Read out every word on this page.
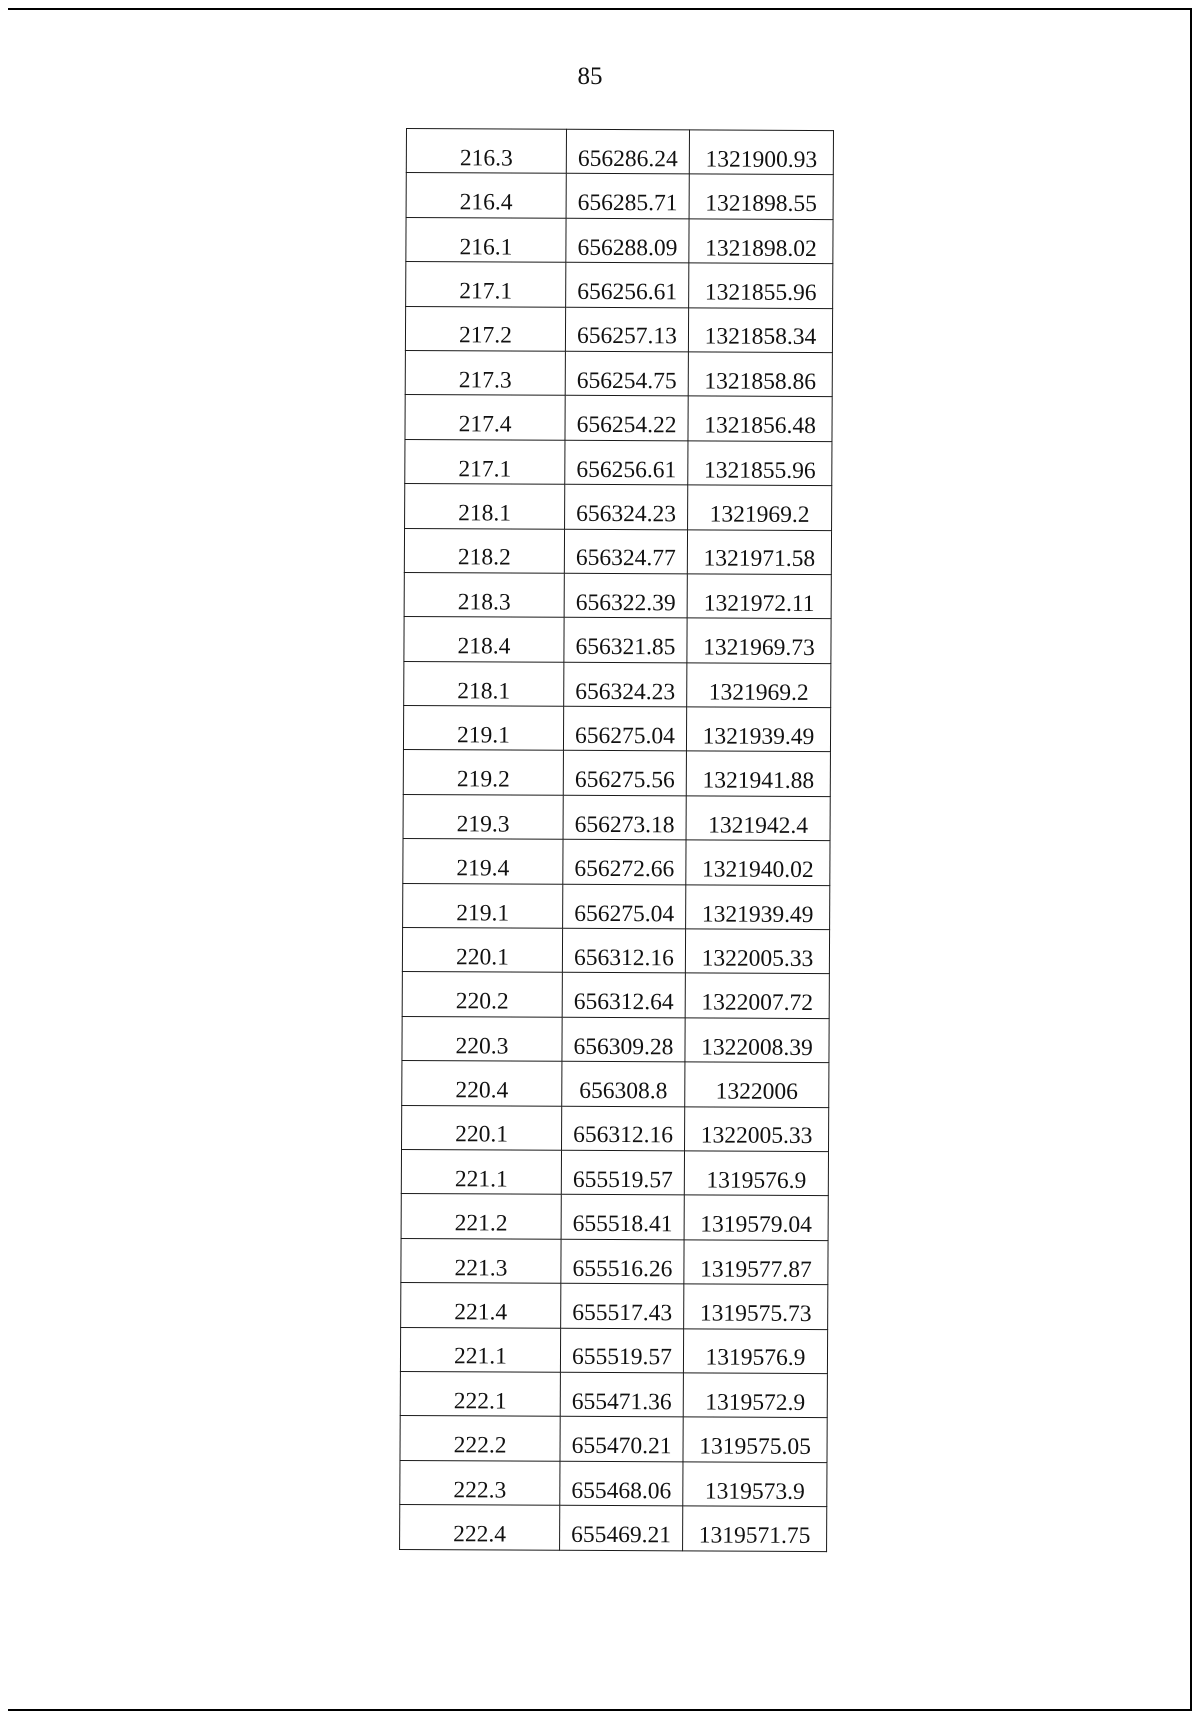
85
216.3	656286.24	1321900.93
216.4	656285.71	1321898.55
216.1	656288.09	1321898.02
217.1	656256.61	1321855.96
217.2	656257.13	1321858.34
217.3	656254.75	1321858.86
217.4	656254.22	1321856.48
217.1	656256.61	1321855.96
218.1	656324.23	1321969.2
218.2	656324.77	1321971.58
218.3	656322.39	1321972.11
218.4	656321.85	1321969.73
218.1	656324.23	1321969.2
219.1	656275.04	1321939.49
219.2	656275.56	1321941.88
219.3	656273.18	1321942.4
219.4	656272.66	1321940.02
219.1	656275.04	1321939.49
220.1	656312.16	1322005.33
220.2	656312.64	1322007.72
220.3	656309.28	1322008.39
220.4	656308.8	1322006
220.1	656312.16	1322005.33
221.1	655519.57	1319576.9
221.2	655518.41	1319579.04
221.3	655516.26	1319577.87
221.4	655517.43	1319575.73
221.1	655519.57	1319576.9
222.1	655471.36	1319572.9
222.2	655470.21	1319575.05
222.3	655468.06	1319573.9
222.4	655469.21	1319571.75
